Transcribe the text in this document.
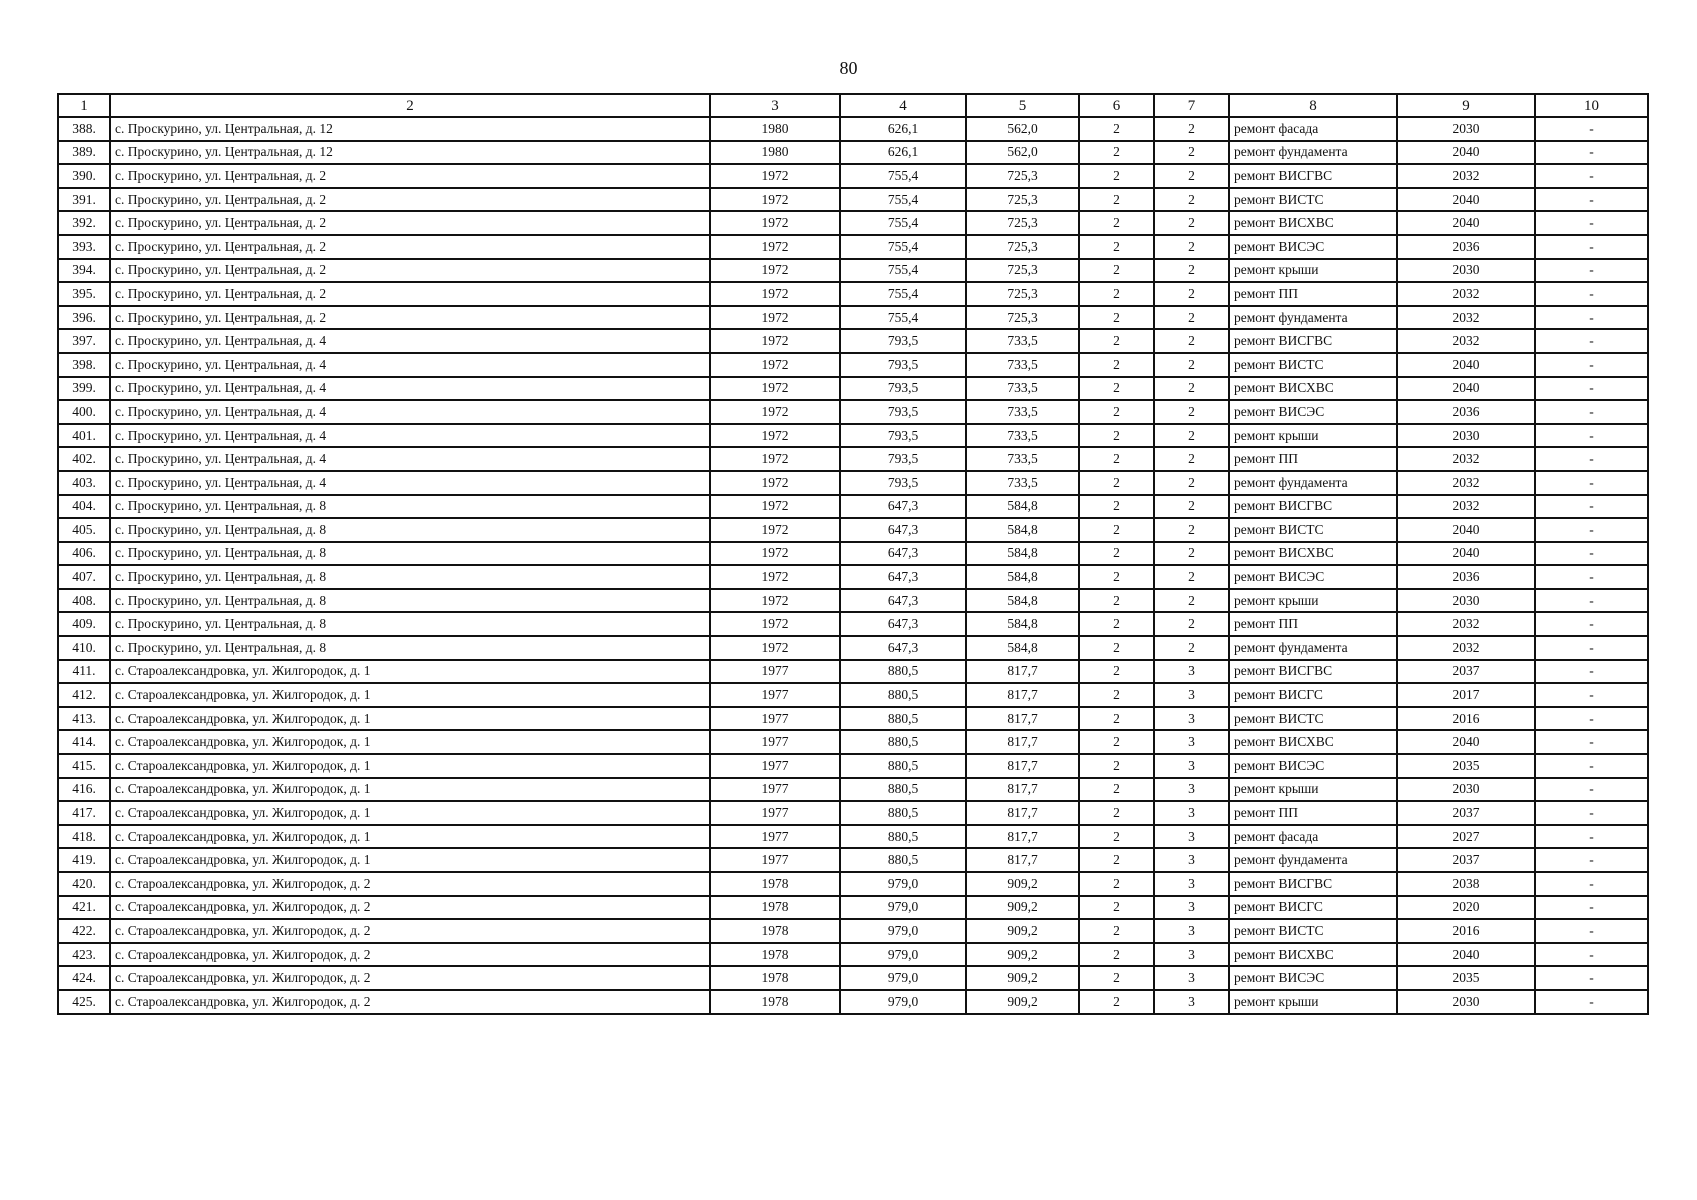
80
1	2	3	4	5	6	7	8	9	10
388.	с. Проскурино, ул. Центральная, д. 12	1980	626,1	562,0	2	2	ремонт фасада	2030	-
389.	с. Проскурино, ул. Центральная, д. 12	1980	626,1	562,0	2	2	ремонт фундамента	2040	-
390.	с. Проскурино, ул. Центральная, д. 2	1972	755,4	725,3	2	2	ремонт ВИСГВС	2032	-
391.	с. Проскурино, ул. Центральная, д. 2	1972	755,4	725,3	2	2	ремонт ВИСТС	2040	-
392.	с. Проскурино, ул. Центральная, д. 2	1972	755,4	725,3	2	2	ремонт ВИСХВС	2040	-
393.	с. Проскурино, ул. Центральная, д. 2	1972	755,4	725,3	2	2	ремонт ВИСЭС	2036	-
394.	с. Проскурино, ул. Центральная, д. 2	1972	755,4	725,3	2	2	ремонт крыши	2030	-
395.	с. Проскурино, ул. Центральная, д. 2	1972	755,4	725,3	2	2	ремонт ПП	2032	-
396.	с. Проскурино, ул. Центральная, д. 2	1972	755,4	725,3	2	2	ремонт фундамента	2032	-
397.	с. Проскурино, ул. Центральная, д. 4	1972	793,5	733,5	2	2	ремонт ВИСГВС	2032	-
398.	с. Проскурино, ул. Центральная, д. 4	1972	793,5	733,5	2	2	ремонт ВИСТС	2040	-
399.	с. Проскурино, ул. Центральная, д. 4	1972	793,5	733,5	2	2	ремонт ВИСХВС	2040	-
400.	с. Проскурино, ул. Центральная, д. 4	1972	793,5	733,5	2	2	ремонт ВИСЭС	2036	-
401.	с. Проскурино, ул. Центральная, д. 4	1972	793,5	733,5	2	2	ремонт крыши	2030	-
402.	с. Проскурино, ул. Центральная, д. 4	1972	793,5	733,5	2	2	ремонт ПП	2032	-
403.	с. Проскурино, ул. Центральная, д. 4	1972	793,5	733,5	2	2	ремонт фундамента	2032	-
404.	с. Проскурино, ул. Центральная, д. 8	1972	647,3	584,8	2	2	ремонт ВИСГВС	2032	-
405.	с. Проскурино, ул. Центральная, д. 8	1972	647,3	584,8	2	2	ремонт ВИСТС	2040	-
406.	с. Проскурино, ул. Центральная, д. 8	1972	647,3	584,8	2	2	ремонт ВИСХВС	2040	-
407.	с. Проскурино, ул. Центральная, д. 8	1972	647,3	584,8	2	2	ремонт ВИСЭС	2036	-
408.	с. Проскурино, ул. Центральная, д. 8	1972	647,3	584,8	2	2	ремонт крыши	2030	-
409.	с. Проскурино, ул. Центральная, д. 8	1972	647,3	584,8	2	2	ремонт ПП	2032	-
410.	с. Проскурино, ул. Центральная, д. 8	1972	647,3	584,8	2	2	ремонт фундамента	2032	-
411.	с. Староалександровка, ул. Жилгородок, д. 1	1977	880,5	817,7	2	3	ремонт ВИСГВС	2037	-
412.	с. Староалександровка, ул. Жилгородок, д. 1	1977	880,5	817,7	2	3	ремонт ВИСГС	2017	-
413.	с. Староалександровка, ул. Жилгородок, д. 1	1977	880,5	817,7	2	3	ремонт ВИСТС	2016	-
414.	с. Староалександровка, ул. Жилгородок, д. 1	1977	880,5	817,7	2	3	ремонт ВИСХВС	2040	-
415.	с. Староалександровка, ул. Жилгородок, д. 1	1977	880,5	817,7	2	3	ремонт ВИСЭС	2035	-
416.	с. Староалександровка, ул. Жилгородок, д. 1	1977	880,5	817,7	2	3	ремонт крыши	2030	-
417.	с. Староалександровка, ул. Жилгородок, д. 1	1977	880,5	817,7	2	3	ремонт ПП	2037	-
418.	с. Староалександровка, ул. Жилгородок, д. 1	1977	880,5	817,7	2	3	ремонт фасада	2027	-
419.	с. Староалександровка, ул. Жилгородок, д. 1	1977	880,5	817,7	2	3	ремонт фундамента	2037	-
420.	с. Староалександровка, ул. Жилгородок, д. 2	1978	979,0	909,2	2	3	ремонт ВИСГВС	2038	-
421.	с. Староалександровка, ул. Жилгородок, д. 2	1978	979,0	909,2	2	3	ремонт ВИСГС	2020	-
422.	с. Староалександровка, ул. Жилгородок, д. 2	1978	979,0	909,2	2	3	ремонт ВИСТС	2016	-
423.	с. Староалександровка, ул. Жилгородок, д. 2	1978	979,0	909,2	2	3	ремонт ВИСХВС	2040	-
424.	с. Староалександровка, ул. Жилгородок, д. 2	1978	979,0	909,2	2	3	ремонт ВИСЭС	2035	-
425.	с. Староалександровка, ул. Жилгородок, д. 2	1978	979,0	909,2	2	3	ремонт крыши	2030	-
